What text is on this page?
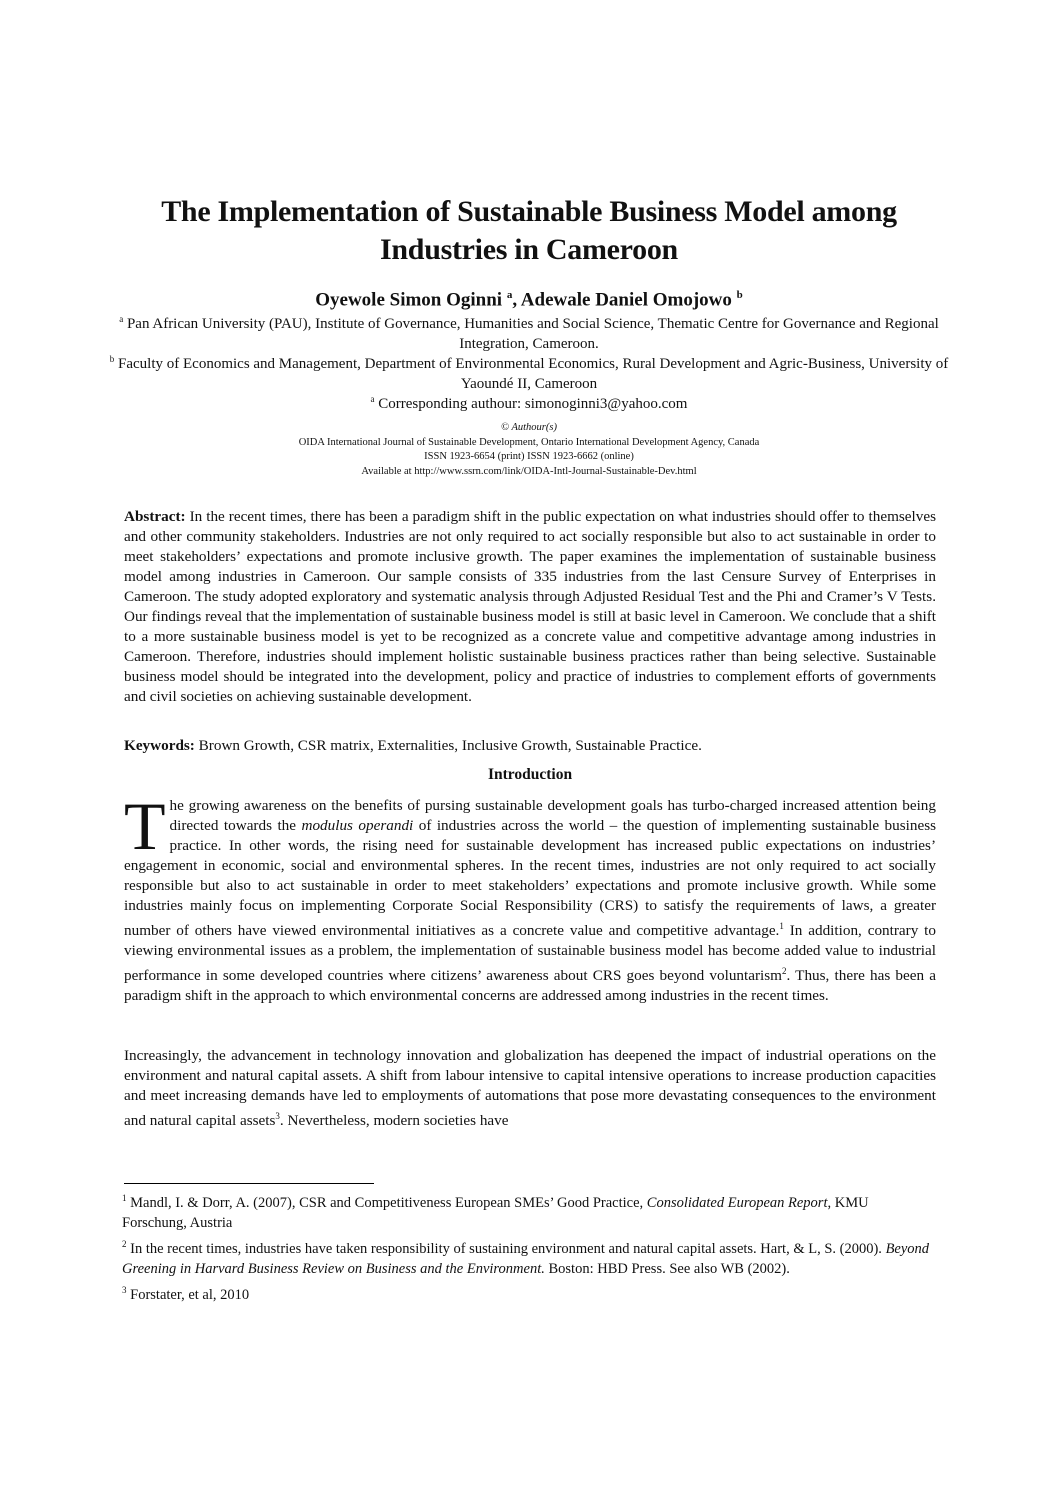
The Implementation of Sustainable Business Model among Industries in Cameroon
Oyewole Simon Oginni $^a$, Adewale Daniel Omojowo $^b$
$^a$ Pan African University (PAU), Institute of Governance, Humanities and Social Science, Thematic Centre for Governance and Regional Integration, Cameroon.
$^b$ Faculty of Economics and Management, Department of Environmental Economics, Rural Development and Agric-Business, University of Yaoundé II, Cameroon
$^a$ Corresponding authour: simonoginni3@yahoo.com
© Authour(s)
OIDA International Journal of Sustainable Development, Ontario International Development Agency, Canada
ISSN 1923-6654 (print) ISSN 1923-6662 (online)
Available at http://www.ssrn.com/link/OIDA-Intl-Journal-Sustainable-Dev.html
Abstract: In the recent times, there has been a paradigm shift in the public expectation on what industries should offer to themselves and other community stakeholders. Industries are not only required to act socially responsible but also to act sustainable in order to meet stakeholders’ expectations and promote inclusive growth. The paper examines the implementation of sustainable business model among industries in Cameroon. Our sample consists of 335 industries from the last Censure Survey of Enterprises in Cameroon. The study adopted exploratory and systematic analysis through Adjusted Residual Test and the Phi and Cramer’s V Tests. Our findings reveal that the implementation of sustainable business model is still at basic level in Cameroon. We conclude that a shift to a more sustainable business model is yet to be recognized as a concrete value and competitive advantage among industries in Cameroon. Therefore, industries should implement holistic sustainable business practices rather than being selective. Sustainable business model should be integrated into the development, policy and practice of industries to complement efforts of governments and civil societies on achieving sustainable development.
Keywords: Brown Growth, CSR matrix, Externalities, Inclusive Growth, Sustainable Practice.
Introduction
The growing awareness on the benefits of pursing sustainable development goals has turbo-charged increased attention being directed towards the modulus operandi of industries across the world – the question of implementing sustainable business practice. In other words, the rising need for sustainable development has increased public expectations on industries’ engagement in economic, social and environmental spheres. In the recent times, industries are not only required to act socially responsible but also to act sustainable in order to meet stakeholders’ expectations and promote inclusive growth. While some industries mainly focus on implementing Corporate Social Responsibility (CRS) to satisfy the requirements of laws, a greater number of others have viewed environmental initiatives as a concrete value and competitive advantage.$^1$ In addition, contrary to viewing environmental issues as a problem, the implementation of sustainable business model has become added value to industrial performance in some developed countries where citizens’ awareness about CRS goes beyond voluntarism$^2$. Thus, there has been a paradigm shift in the approach to which environmental concerns are addressed among industries in the recent times.
Increasingly, the advancement in technology innovation and globalization has deepened the impact of industrial operations on the environment and natural capital assets. A shift from labour intensive to capital intensive operations to increase production capacities and meet increasing demands have led to employments of automations that pose more devastating consequences to the environment and natural capital assets$^3$. Nevertheless, modern societies have

$^1$ Mandl, I. & Dorr, A. (2007), CSR and Competitiveness European SMEs’ Good Practice, Consolidated European Report, KMU Forschung, Austria

$^2$ In the recent times, industries have taken responsibility of sustaining environment and natural capital assets. Hart, & L, S. (2000). Beyond Greening in Harvard Business Review on Business and the Environment. Boston: HBD Press. See also WB (2002).

$^3$ Forstater, et al, 2010
